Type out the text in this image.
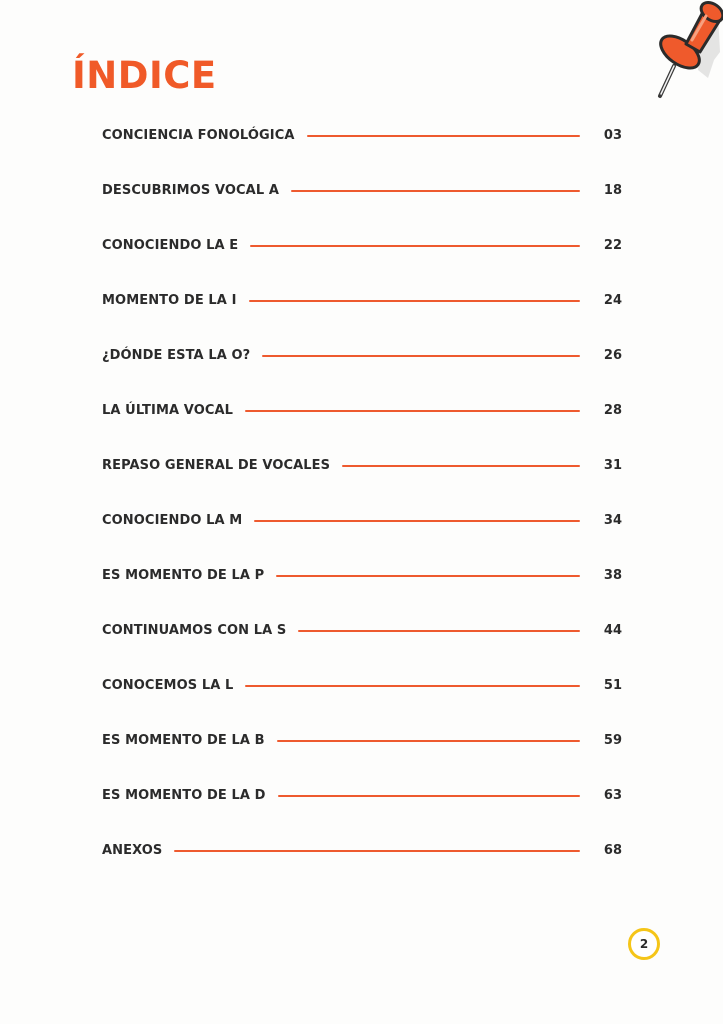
ÍNDICE
CONCIENCIA FONOLÓGICA	03
DESCUBRIMOS VOCAL A	18
CONOCIENDO LA E	22
MOMENTO DE LA I	24
¿DÓNDE ESTA LA O?	26
LA ÚLTIMA VOCAL	28
REPASO GENERAL DE VOCALES	31
CONOCIENDO LA M	34
ES MOMENTO DE LA P	38
CONTINUAMOS CON LA S	44
CONOCEMOS LA L	51
ES MOMENTO DE LA B	59
ES MOMENTO DE LA D	63
ANEXOS	68
2
